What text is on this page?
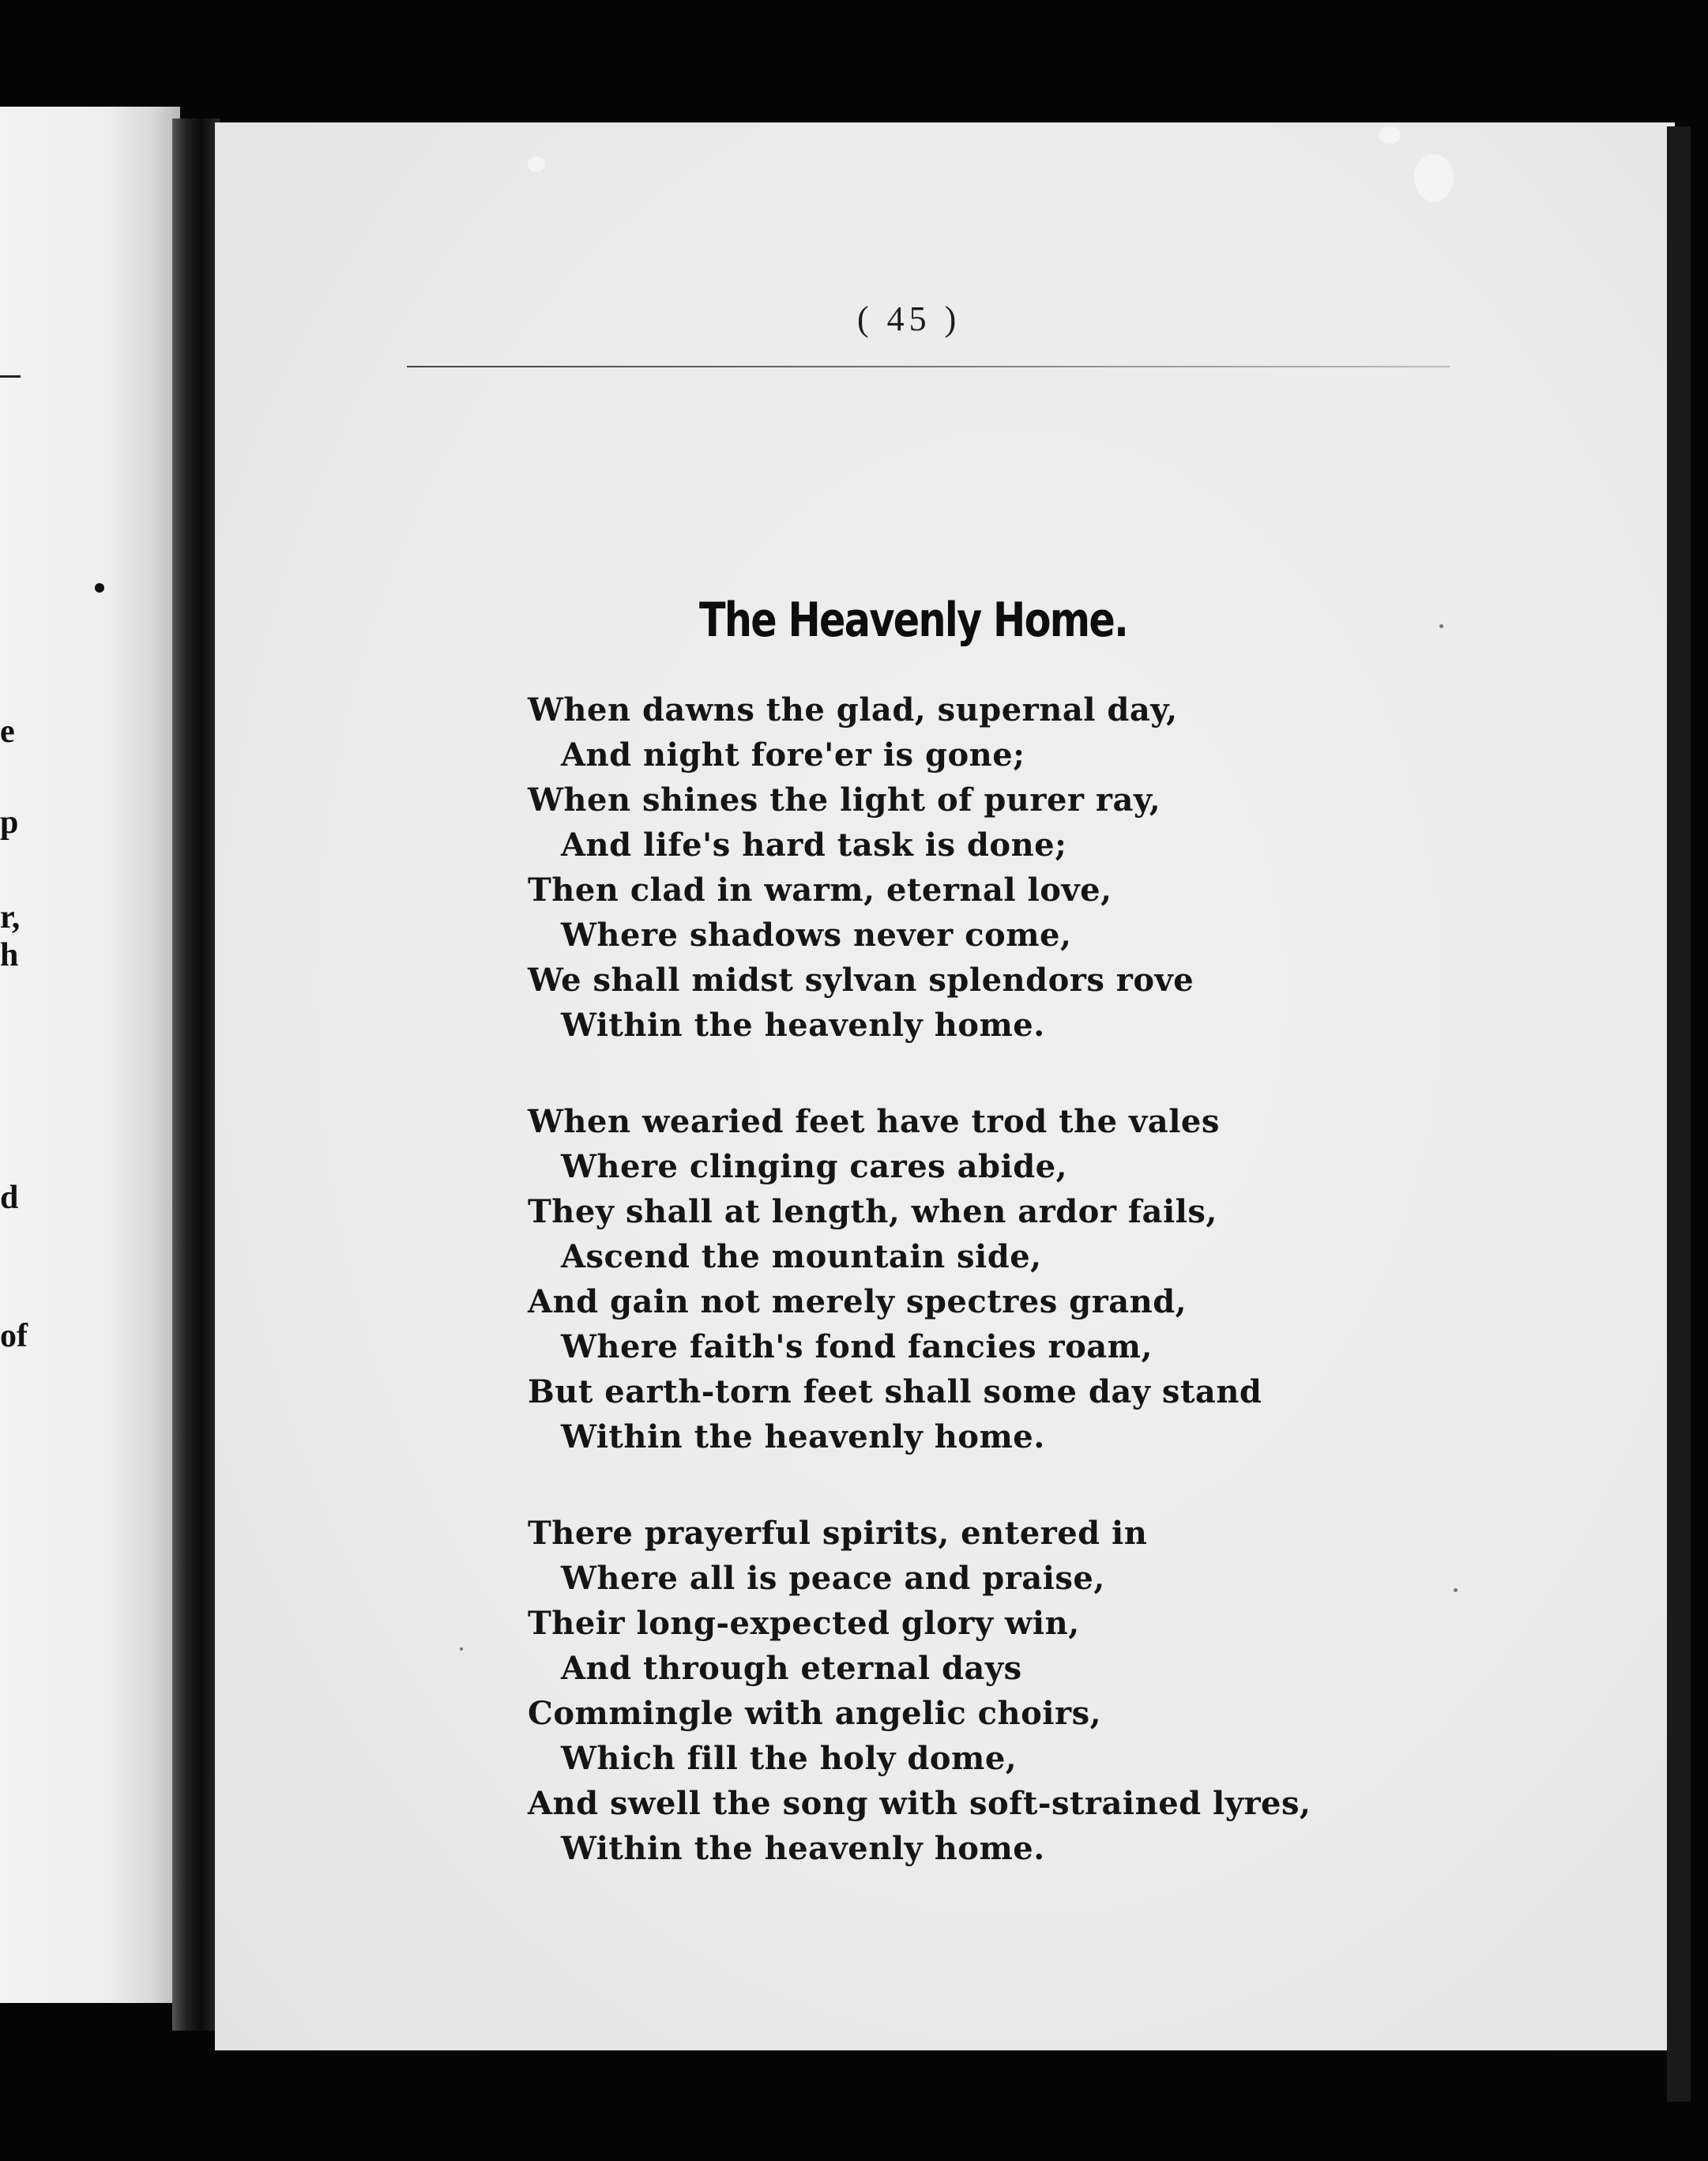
e
p
r,
h
d
of
( 45 )
The Heavenly Home.
When dawns the glad, supernal day,
And night fore'er is gone;
When shines the light of purer ray,
And life's hard task is done;
Then clad in warm, eternal love,
Where shadows never come,
We shall midst sylvan splendors rove
Within the heavenly home.
When wearied feet have trod the vales
Where clinging cares abide,
They shall at length, when ardor fails,
Ascend the mountain side,
And gain not merely spectres grand,
Where faith's fond fancies roam,
But earth-torn feet shall some day stand
Within the heavenly home.
There prayerful spirits, entered in
Where all is peace and praise,
Their long-expected glory win,
And through eternal days
Commingle with angelic choirs,
Which fill the holy dome,
And swell the song with soft-strained lyres,
Within the heavenly home.
